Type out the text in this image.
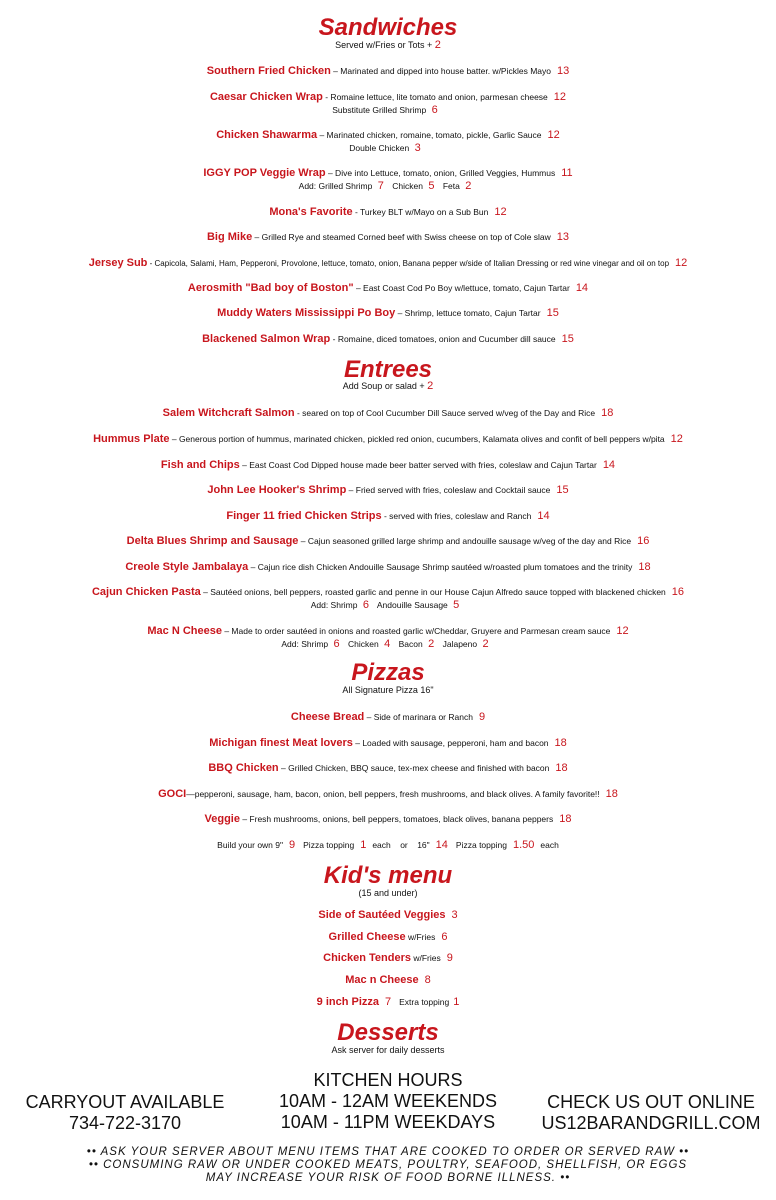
Sandwiches
Served w/Fries or Tots + 2
Southern Fried Chicken – Marinated and dipped into house batter. w/Pickles Mayo 13
Caesar Chicken Wrap - Romaine lettuce, lite tomato and onion, parmesan cheese 12
Substitute Grilled Shrimp 6
Chicken Shawarma – Marinated chicken, romaine, tomato, pickle, Garlic Sauce 12
Double Chicken 3
IGGY POP Veggie Wrap – Dive into Lettuce, tomato, onion, Grilled Veggies, Hummus 11
Add: Grilled Shrimp 7 Chicken 5 Feta 2
Mona's Favorite - Turkey BLT w/Mayo on a Sub Bun 12
Big Mike – Grilled Rye and steamed Corned beef with Swiss cheese on top of Cole slaw 13
Jersey Sub - Capicola, Salami, Ham, Pepperoni, Provolone, lettuce, tomato, onion, Banana pepper w/side of Italian Dressing or red wine vinegar and oil on top 12
Aerosmith "Bad boy of Boston" – East Coast Cod Po Boy w/lettuce, tomato, Cajun Tartar 14
Muddy Waters Mississippi Po Boy – Shrimp, lettuce tomato, Cajun Tartar 15
Blackened Salmon Wrap - Romaine, diced tomatoes, onion and Cucumber dill sauce 15
Entrees
Add Soup or salad + 2
Salem Witchcraft Salmon - seared on top of Cool Cucumber Dill Sauce served w/veg of the Day and Rice 18
Hummus Plate – Generous portion of hummus, marinated chicken, pickled red onion, cucumbers, Kalamata olives and confit of bell peppers w/pita 12
Fish and Chips – East Coast Cod Dipped house made beer batter served with fries, coleslaw and Cajun Tartar 14
John Lee Hooker's Shrimp – Fried served with fries, coleslaw and Cocktail sauce 15
Finger 11 fried Chicken Strips - served with fries, coleslaw and Ranch 14
Delta Blues Shrimp and Sausage – Cajun seasoned grilled large shrimp and andouille sausage w/veg of the day and Rice 16
Creole Style Jambalaya – Cajun rice dish Chicken Andouille Sausage Shrimp sautéed w/roasted plum tomatoes and the trinity 18
Cajun Chicken Pasta – Sautéed onions, bell peppers, roasted garlic and penne in our House Cajun Alfredo sauce topped with blackened chicken 16
Add: Shrimp 6 Andouille Sausage 5
Mac N Cheese – Made to order sautéed in onions and roasted garlic w/Cheddar, Gruyere and Parmesan cream sauce 12
Add: Shrimp 6 Chicken 4 Bacon 2 Jalapeno 2
Pizzas
All Signature Pizza 16"
Cheese Bread – Side of marinara or Ranch 9
Michigan finest Meat lovers – Loaded with sausage, pepperoni, ham and bacon 18
BBQ Chicken – Grilled Chicken, BBQ sauce, tex-mex cheese and finished with bacon 18
GOCI—pepperoni, sausage, ham, bacon, onion, bell peppers, fresh mushrooms, and black olives. A family favorite!! 18
Veggie – Fresh mushrooms, onions, bell peppers, tomatoes, black olives, banana peppers 18
Build your own 9" 9 Pizza topping 1 each    or    16" 14 Pizza topping 1.50 each
Kid's menu
(15 and under)
Side of Sautéed Veggies 3
Grilled Cheese w/Fries 6
Chicken Tenders w/Fries 9
Mac n Cheese 8
9 inch Pizza 7 Extra topping 1
Desserts
Ask server for daily desserts
CARRYOUT AVAILABLE
734-722-3170
KITCHEN HOURS
10AM - 12AM WEEKENDS
10AM - 11PM WEEKDAYS
CHECK US OUT ONLINE
US12BARANDGRILL.COM
•• ASK YOUR SERVER ABOUT MENU ITEMS THAT ARE COOKED TO ORDER OR SERVED RAW ••
•• CONSUMING RAW OR UNDER COOKED MEATS, POULTRY, SEAFOOD, SHELLFISH, OR EGGS
MAY INCREASE YOUR RISK OF FOOD BORNE ILLNESS. ••
